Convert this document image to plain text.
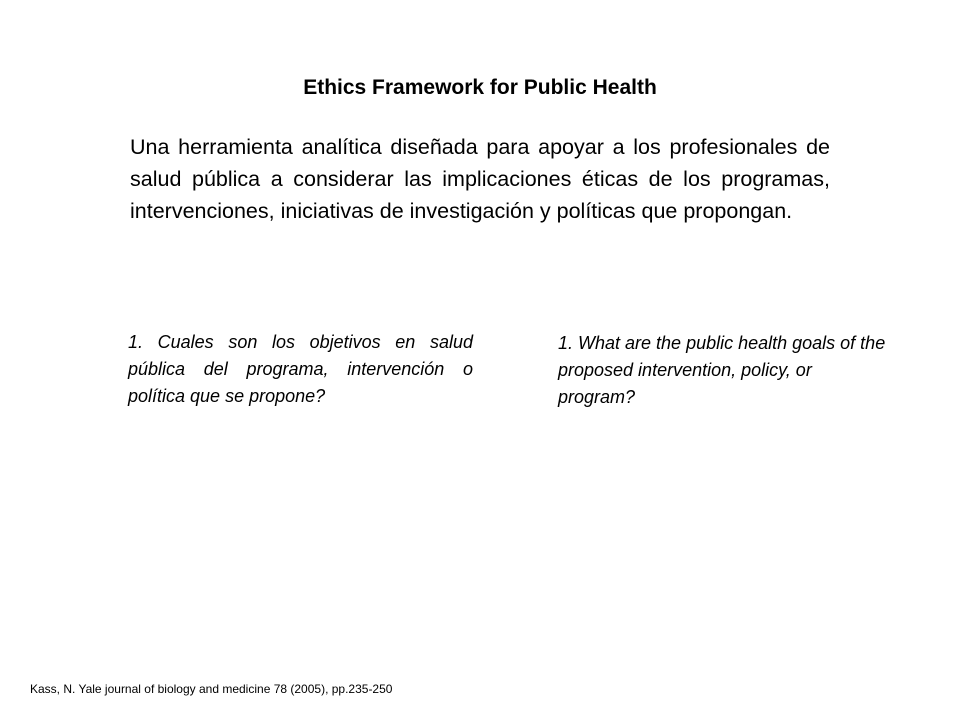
Ethics Framework for Public Health

Una herramienta analítica diseñada para apoyar a los profesionales de salud pública a considerar las implicaciones éticas de los programas, intervenciones, iniciativas de investigación y políticas que propongan.

1. Cuales son los objetivos en salud pública del programa, intervención o política que se propone?

1. What are the public health goals of the proposed intervention, policy, or program?

Kass, N. Yale journal of biology and medicine 78 (2005), pp.235-250
